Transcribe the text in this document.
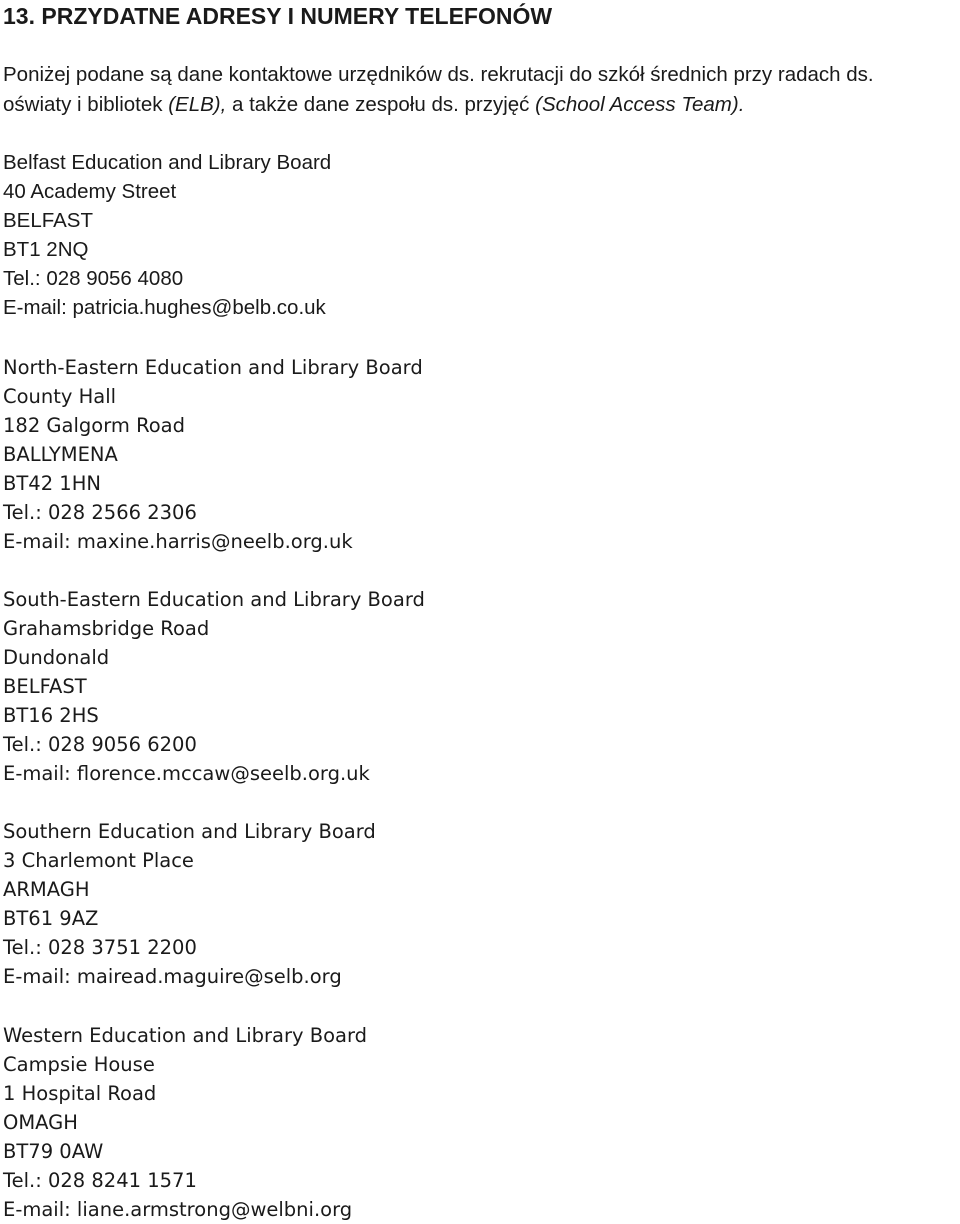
13. PRZYDATNE ADRESY I NUMERY TELEFONÓW

Poniżej podane są dane kontaktowe urzędników ds. rekrutacji do szkół średnich przy radach ds.

oświaty i bibliotek (ELB), a także dane zespołu ds. przyjęć (School Access Team).

Belfast Education and Library Board
40 Academy Street
BELFAST
BT1 2NQ
Tel.: 028 9056 4080
E-mail: patricia.hughes@belb.co.uk
North-Eastern Education and Library Board
County Hall
182 Galgorm Road
BALLYMENA
BT42 1HN
Tel.: 028 2566 2306
E-mail: maxine.harris@neelb.org.uk
South-Eastern Education and Library Board
Grahamsbridge Road
Dundonald
BELFAST
BT16 2HS
Tel.: 028 9056 6200
E-mail: florence.mccaw@seelb.org.uk
Southern Education and Library Board
3 Charlemont Place
ARMAGH
BT61 9AZ
Tel.: 028 3751 2200
E-mail: mairead.maguire@selb.org
Western Education and Library Board
Campsie House
1 Hospital Road
OMAGH
BT79 0AW
Tel.: 028 8241 1571
E-mail: liane.armstrong@welbni.org
